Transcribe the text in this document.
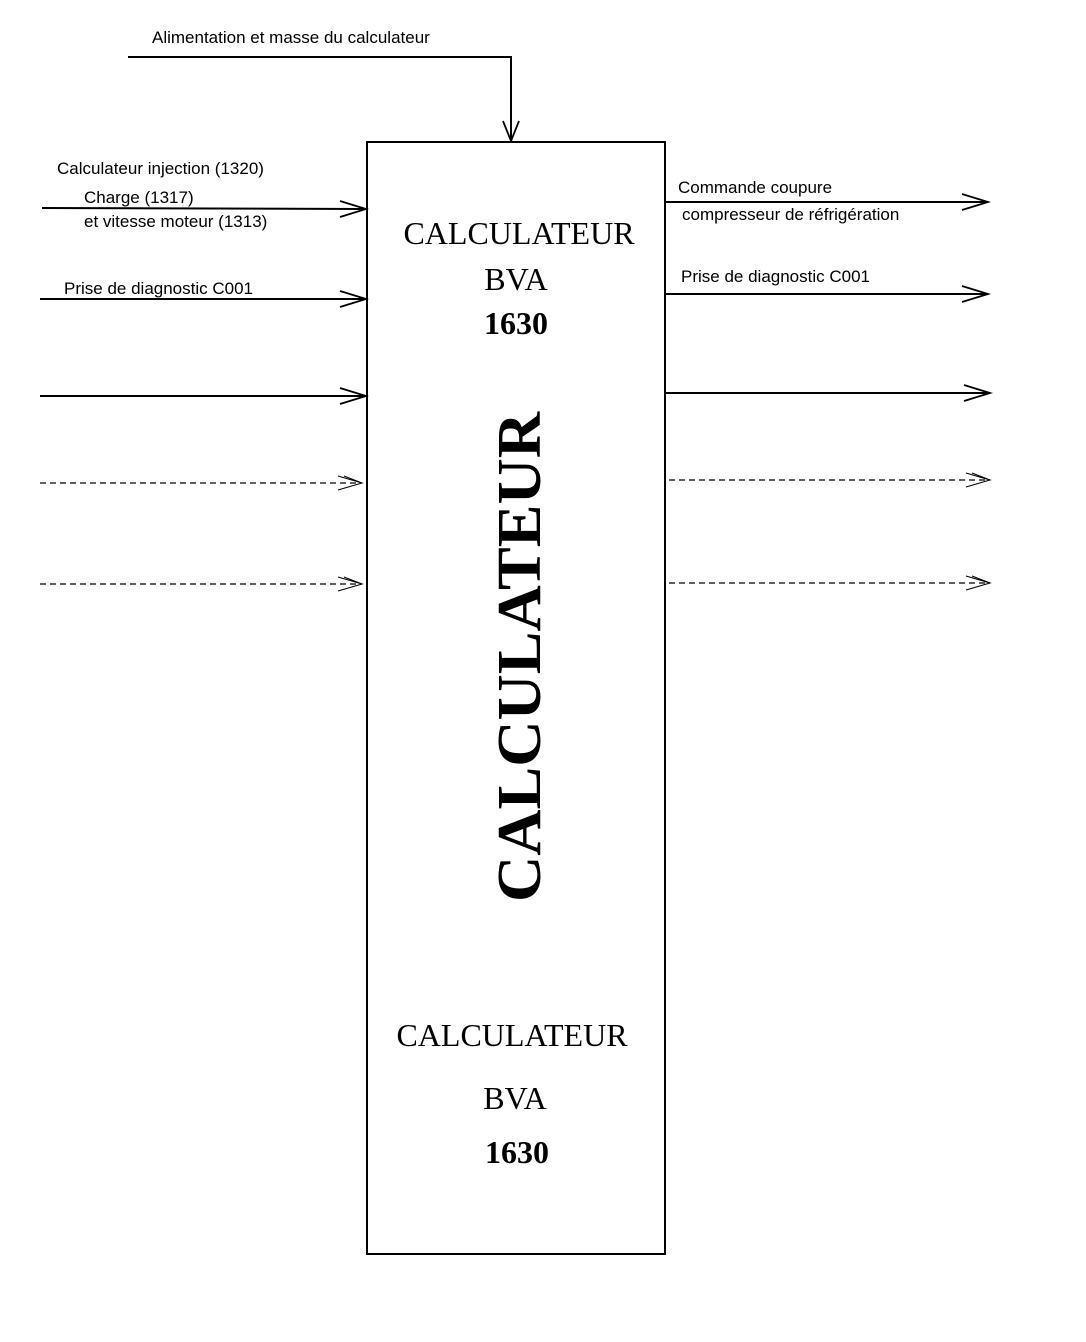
Alimentation et masse du calculateur
CALCULATEUR
BVA
1630
CALCULATEUR
CALCULATEUR
BVA
1630
Calculateur injection (1320)
Charge (1317)
et vitesse moteur (1313)
Prise de diagnostic C001
Commande coupure
compresseur de réfrigération
Prise de diagnostic C001
